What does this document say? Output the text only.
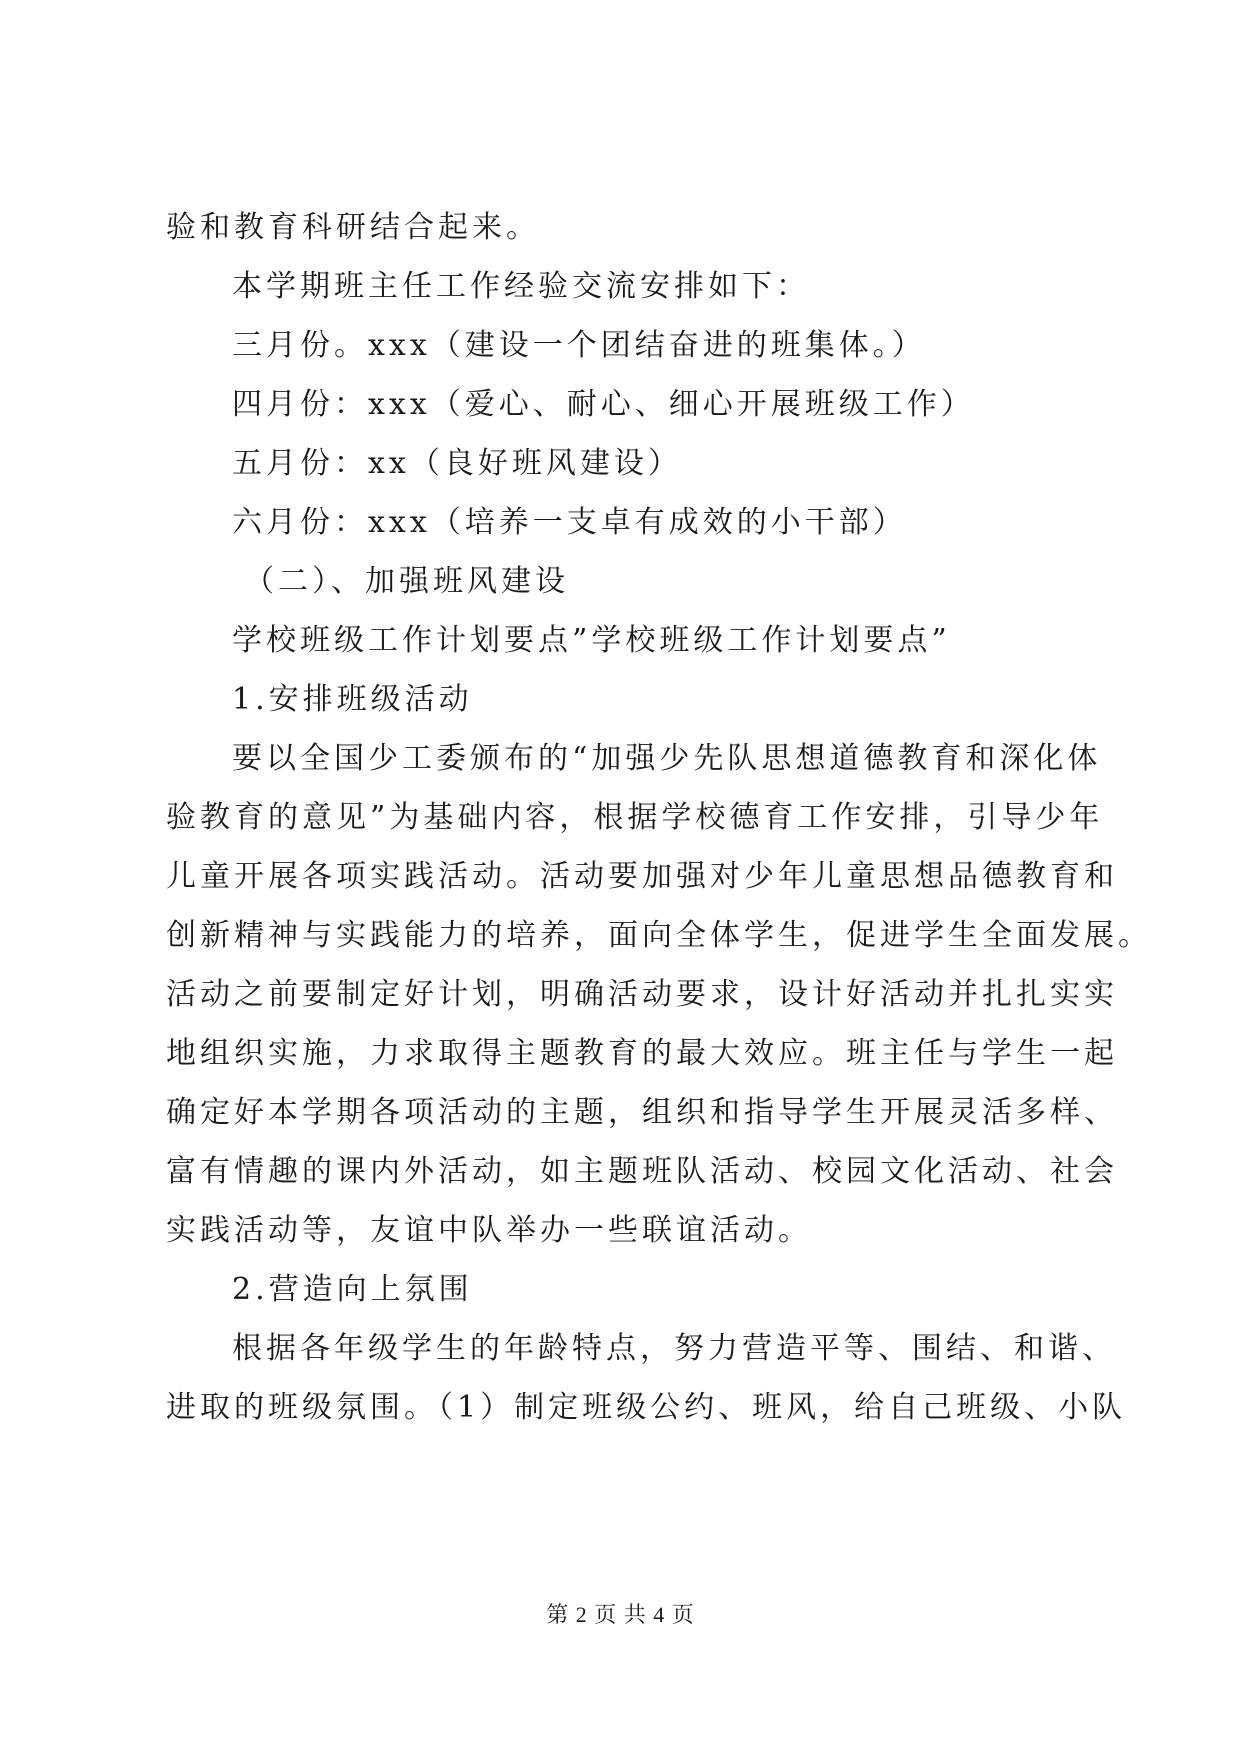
验和教育科研结合起来。
本学期班主任工作经验交流安排如下：
三月份。xxx（建设一个团结奋进的班集体。）
四月份：xxx（爱心、耐心、细心开展班级工作）
五月份：xx（良好班风建设）
六月份：xxx（培养一支卓有成效的小干部）
（二）、加强班风建设
学校班级工作计划要点”学校班级工作计划要点”
1.安排班级活动
要以全国少工委颁布的“加强少先队思想道德教育和深化体
验教育的意见”为基础内容，根据学校德育工作安排，引导少年
儿童开展各项实践活动。活动要加强对少年儿童思想品德教育和
创新精神与实践能力的培养，面向全体学生，促进学生全面发展。
活动之前要制定好计划，明确活动要求，设计好活动并扎扎实实
地组织实施，力求取得主题教育的最大效应。班主任与学生一起
确定好本学期各项活动的主题，组织和指导学生开展灵活多样、
富有情趣的课内外活动，如主题班队活动、校园文化活动、社会
实践活动等，友谊中队举办一些联谊活动。
2.营造向上氛围
根据各年级学生的年龄特点，努力营造平等、围结、和谐、
进取的班级氛围。（1）制定班级公约、班风，给自己班级、小队
第 2 页 共 4 页
